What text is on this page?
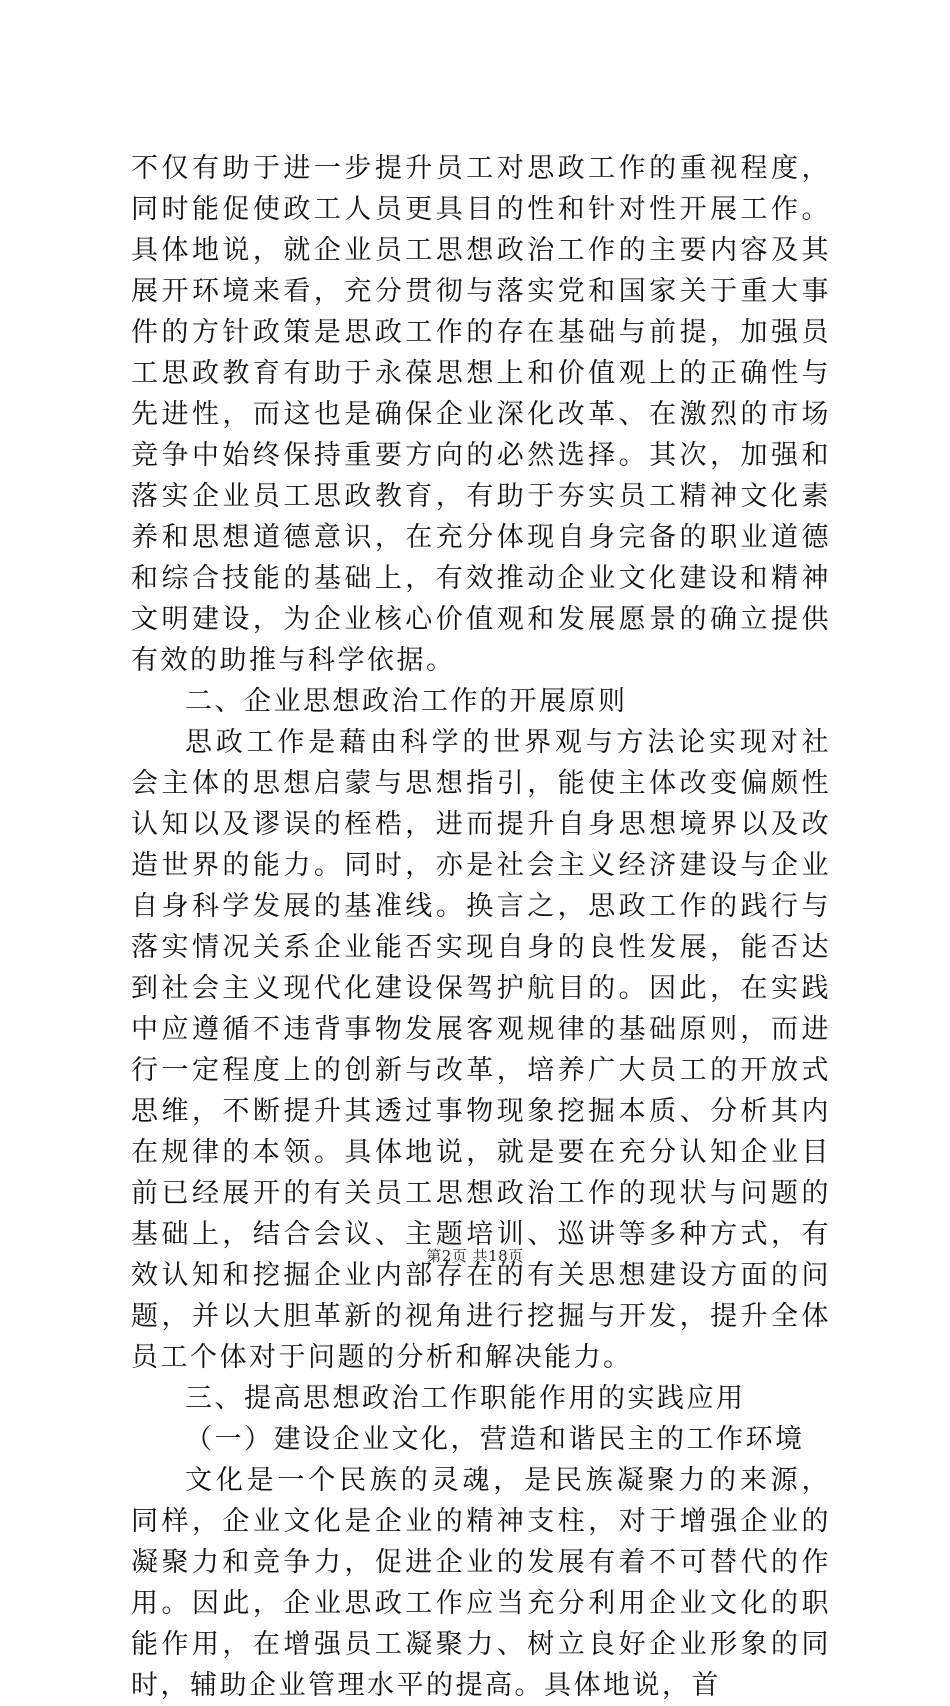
不仅有助于进一步提升员工对思政工作的重视程度，同时能促使政工人员更具目的性和针对性开展工作。具体地说，就企业员工思想政治工作的主要内容及其展开环境来看，充分贯彻与落实党和国家关于重大事件的方针政策是思政工作的存在基础与前提，加强员工思政教育有助于永葆思想上和价值观上的正确性与先进性，而这也是确保企业深化改革、在激烈的市场竞争中始终保持重要方向的必然选择。其次，加强和落实企业员工思政教育，有助于夯实员工精神文化素养和思想道德意识，在充分体现自身完备的职业道德和综合技能的基础上，有效推动企业文化建设和精神文明建设，为企业核心价值观和发展愿景的确立提供有效的助推与科学依据。

二、企业思想政治工作的开展原则

思政工作是藉由科学的世界观与方法论实现对社会主体的思想启蒙与思想指引，能使主体改变偏颇性认知以及谬误的桎梏，进而提升自身思想境界以及改造世界的能力。同时，亦是社会主义经济建设与企业自身科学发展的基准线。换言之，思政工作的践行与落实情况关系企业能否实现自身的良性发展，能否达到社会主义现代化建设保驾护航目的。因此，在实践中应遵循不违背事物发展客观规律的基础原则，而进行一定程度上的创新与改革，培养广大员工的开放式思维，不断提升其透过事物现象挖掘本质、分析其内在规律的本领。具体地说，就是要在充分认知企业目前已经展开的有关员工思想政治工作的现状与问题的基础上，结合会议、主题培训、巡讲等多种方式，有效认知和挖掘企业内部存在的有关思想建设方面的问题，并以大胆革新的视角进行挖掘与开发，提升全体员工个体对于问题的分析和解决能力。

三、提高思想政治工作职能作用的实践应用

（一）建设企业文化，营造和谐民主的工作环境

文化是一个民族的灵魂，是民族凝聚力的来源，同样，企业文化是企业的精神支柱，对于增强企业的凝聚力和竞争力，促进企业的发展有着不可替代的作用。因此，企业思政工作应当充分利用企业文化的职能作用，在增强员工凝聚力、树立良好企业形象的同时，辅助企业管理水平的提高。具体地说，首

第2页 共18页
